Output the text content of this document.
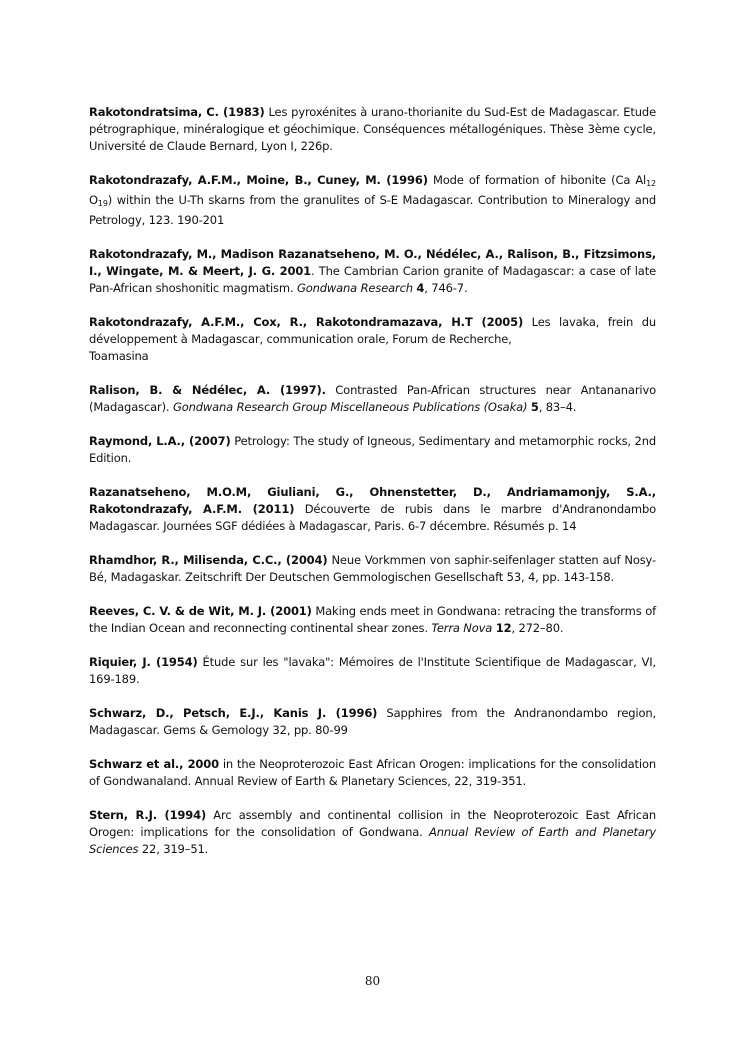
Rakotondratsima, C. (1983) Les pyroxénites à urano-thorianite du Sud-Est de Madagascar. Etude pétrographique, minéralogique et géochimique. Conséquences métallogéniques. Thèse 3ème cycle, Université de Claude Bernard, Lyon I, 226p.

Rakotondrazafy, A.F.M., Moine, B., Cuney, M. (1996) Mode of formation of hibonite (Ca $Al_{12}$ $O_{19}$) within the U-Th skarns from the granulites of S-E Madagascar. Contribution to Mineralogy and Petrology, 123. 190-201

Rakotondrazafy, M., Madison Razanatseheno, M. O., Nédélec, A., Ralison, B., Fitzsimons, I., Wingate, M. & Meert, J. G. 2001. The Cambrian Carion granite of Madagascar: a case of late Pan-African shoshonitic magmatism. Gondwana Research 4, 746-7.

Rakotondrazafy, A.F.M., Cox, R., Rakotondramazava, H.T (2005) Les lavaka, frein du développement à Madagascar, communication orale, Forum de Recherche,
Toamasina

Ralison, B. & Nédélec, A. (1997). Contrasted Pan-African structures near Antananarivo (Madagascar). Gondwana Research Group Miscellaneous Publications (Osaka) 5, 83–4.

Raymond, L.A., (2007) Petrology: The study of Igneous, Sedimentary and metamorphic rocks, 2nd Edition.

Razanatseheno, M.O.M, Giuliani, G., Ohnenstetter, D., Andriamamonjy, S.A., Rakotondrazafy, A.F.M. (2011) Découverte de rubis dans le marbre d'Andranondambo Madagascar. Journées SGF dédiées à Madagascar, Paris. 6-7 décembre. Résumés p. 14

Rhamdhor, R., Milisenda, C.C., (2004) Neue Vorkmmen von saphir-seifenlager statten auf Nosy-Bé, Madagaskar. Zeitschrift Der Deutschen Gemmologischen Gesellschaft 53, 4, pp. 143-158.

Reeves, C. V. & de Wit, M. J. (2001) Making ends meet in Gondwana: retracing the transforms of the Indian Ocean and reconnecting continental shear zones. Terra Nova 12, 272–80.

Riquier, J. (1954) Étude sur les "lavaka": Mémoires de l'Institute Scientifique de Madagascar, VI, 169-189.

Schwarz, D., Petsch, E.J., Kanis J. (1996) Sapphires from the Andranondambo region, Madagascar. Gems & Gemology 32, pp. 80-99

Schwarz et al., 2000 in the Neoproterozoic East African Orogen: implications for the consolidation of Gondwanaland. Annual Review of Earth & Planetary Sciences, 22, 319-351.

Stern, R.J. (1994) Arc assembly and continental collision in the Neoproterozoic East African Orogen: implications for the consolidation of Gondwana. Annual Review of Earth and Planetary Sciences 22, 319–51.

80
